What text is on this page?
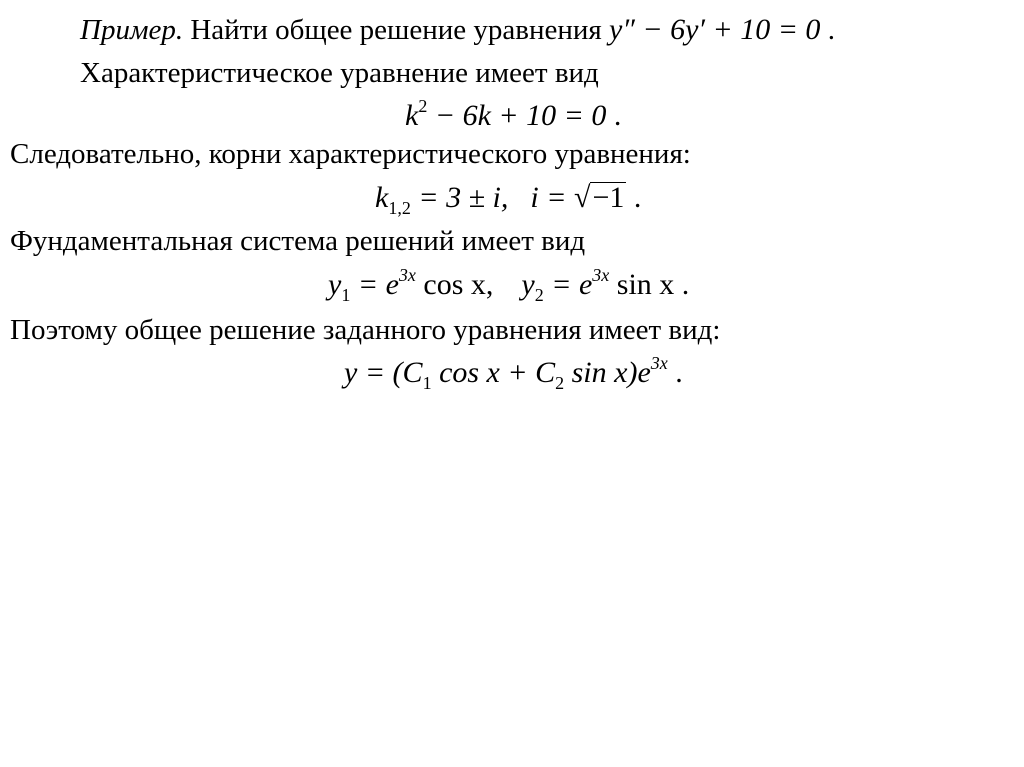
Пример. Найти общее решение уравнения y″ − 6y′ + 10 = 0 .
Характеристическое уравнение имеет вид
$k^2 - 6k + 10 = 0$ .
Следовательно, корни характеристического уравнения:
$k_{1,2} = 3 \pm i$, i = √−1 .
Фундаментальная система решений имеет вид
$y_1 = e^{3x}$ cos x, $y_2 = e^{3x}$ sin x .
Поэтому общее решение заданного уравнения имеет вид:
$y = (C_1$ $\cos x + C_2$ $\sin x)e^{3x}$ .
